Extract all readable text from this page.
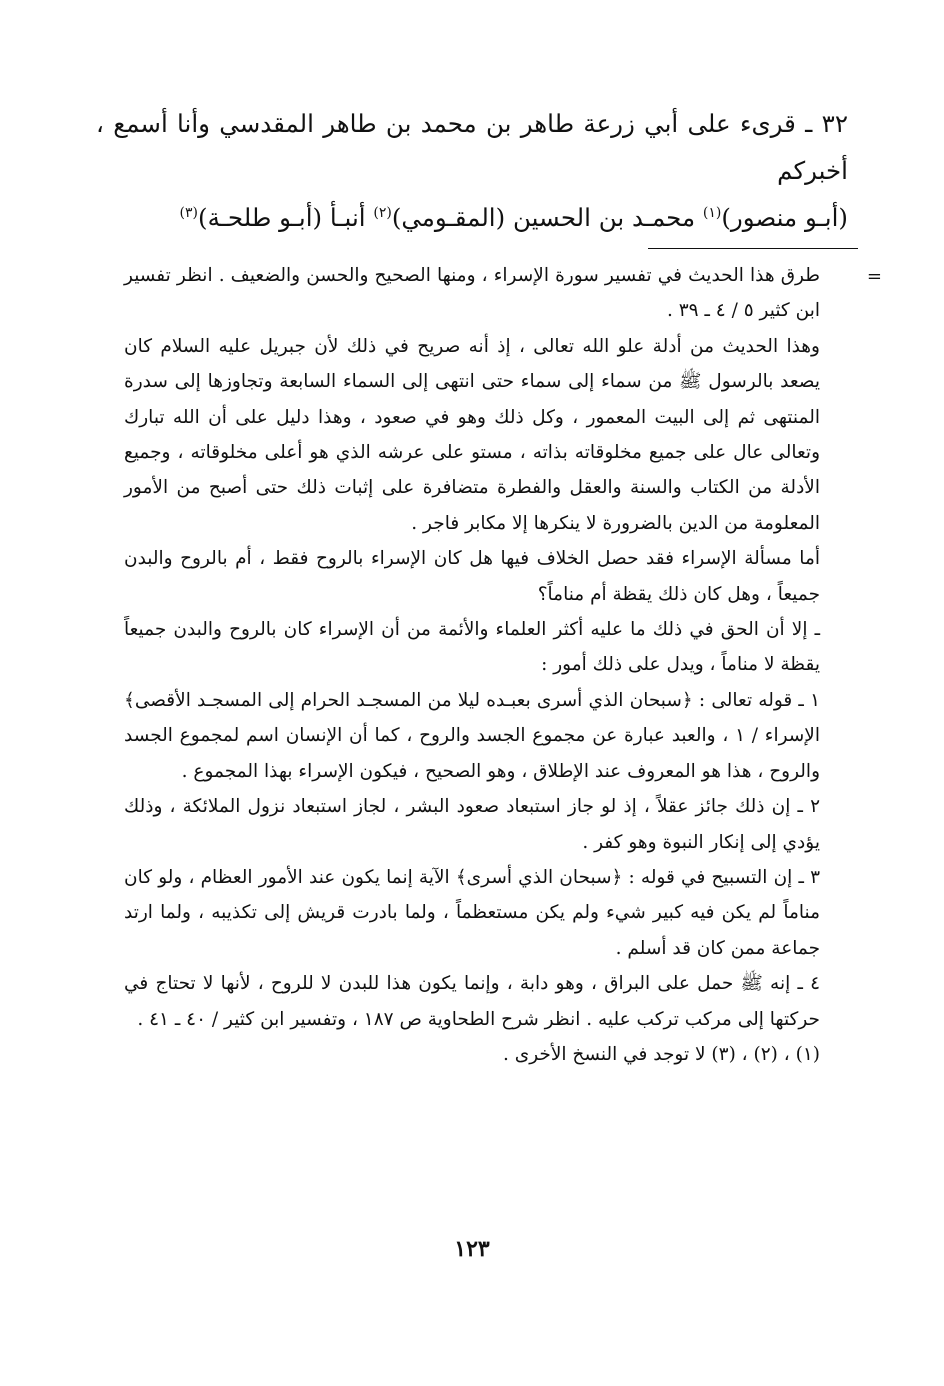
٣٢ ـ قرىء على أبي زرعة طاهر بن محمد بن طاهر المقدسي وأنا أسمع ، أخبركم

(أبـو منصور)$^{(١)}$ محمـد بن الحسين (المقـومي)$^{(٢)}$ أنبـأ (أبـو طلحـة)$^{(٣)}$

=

طرق هذا الحديث في تفسير سورة الإسراء ، ومنها الصحيح والحسن والضعيف . انظر تفسير ابن كثير ٥ / ٤ ـ ٣٩ .

وهذا الحديث من أدلة علو الله تعالى ، إذ أنه صريح في ذلك لأن جبريل عليه السلام كان يصعد بالرسول ﷺ من سماء إلى سماء حتى انتهى إلى السماء السابعة وتجاوزها إلى سدرة المنتهى ثم إلى البيت المعمور ، وكل ذلك وهو في صعود ، وهذا دليل على أن الله تبارك وتعالى عال على جميع مخلوقاته بذاته ، مستو على عرشه الذي هو أعلى مخلوقاته ، وجميع الأدلة من الكتاب والسنة والعقل والفطرة متضافرة على إثبات ذلك حتى أصبح من الأمور المعلومة من الدين بالضرورة لا ينكرها إلا مكابر فاجر .

أما مسألة الإسراء فقد حصل الخلاف فيها هل كان الإسراء بالروح فقط ، أم بالروح والبدن جميعاً ، وهل كان ذلك يقظة أم مناماً؟

ـ إلا أن الحق في ذلك ما عليه أكثر العلماء والأئمة من أن الإسراء كان بالروح والبدن جميعاً يقظة لا مناماً ، ويدل على ذلك أمور :

١ ـ قوله تعالى : ﴿سبحان الذي أسرى بعبـده ليلا من المسجـد الحرام إلى المسجـد الأقصى﴾ الإسراء / ١ ، والعبد عبارة عن مجموع الجسد والروح ، كما أن الإنسان اسم لمجموع الجسد والروح ، هذا هو المعروف عند الإطلاق ، وهو الصحيح ، فيكون الإسراء بهذا المجموع .

٢ ـ إن ذلك جائز عقلاً ، إذ لو جاز استبعاد صعود البشر ، لجاز استبعاد نزول الملائكة ، وذلك يؤدي إلى إنكار النبوة وهو كفر .

٣ ـ إن التسبيح في قوله : ﴿سبحان الذي أسرى﴾ الآية إنما يكون عند الأمور العظام ، ولو كان مناماً لم يكن فيه كبير شيء ولم يكن مستعظماً ، ولما بادرت قريش إلى تكذيبه ، ولما ارتد جماعة ممن كان قد أسلم .

٤ ـ إنه ﷺ حمل على البراق ، وهو دابة ، وإنما يكون هذا للبدن لا للروح ، لأنها لا تحتاج في حركتها إلى مركب تركب عليه . انظر شرح الطحاوية ص ١٨٧ ، وتفسير ابن كثير / ٤٠ ـ ٤١ .

(١) ، (٢) ، (٣) لا توجد في النسخ الأخرى .

١٢٣
